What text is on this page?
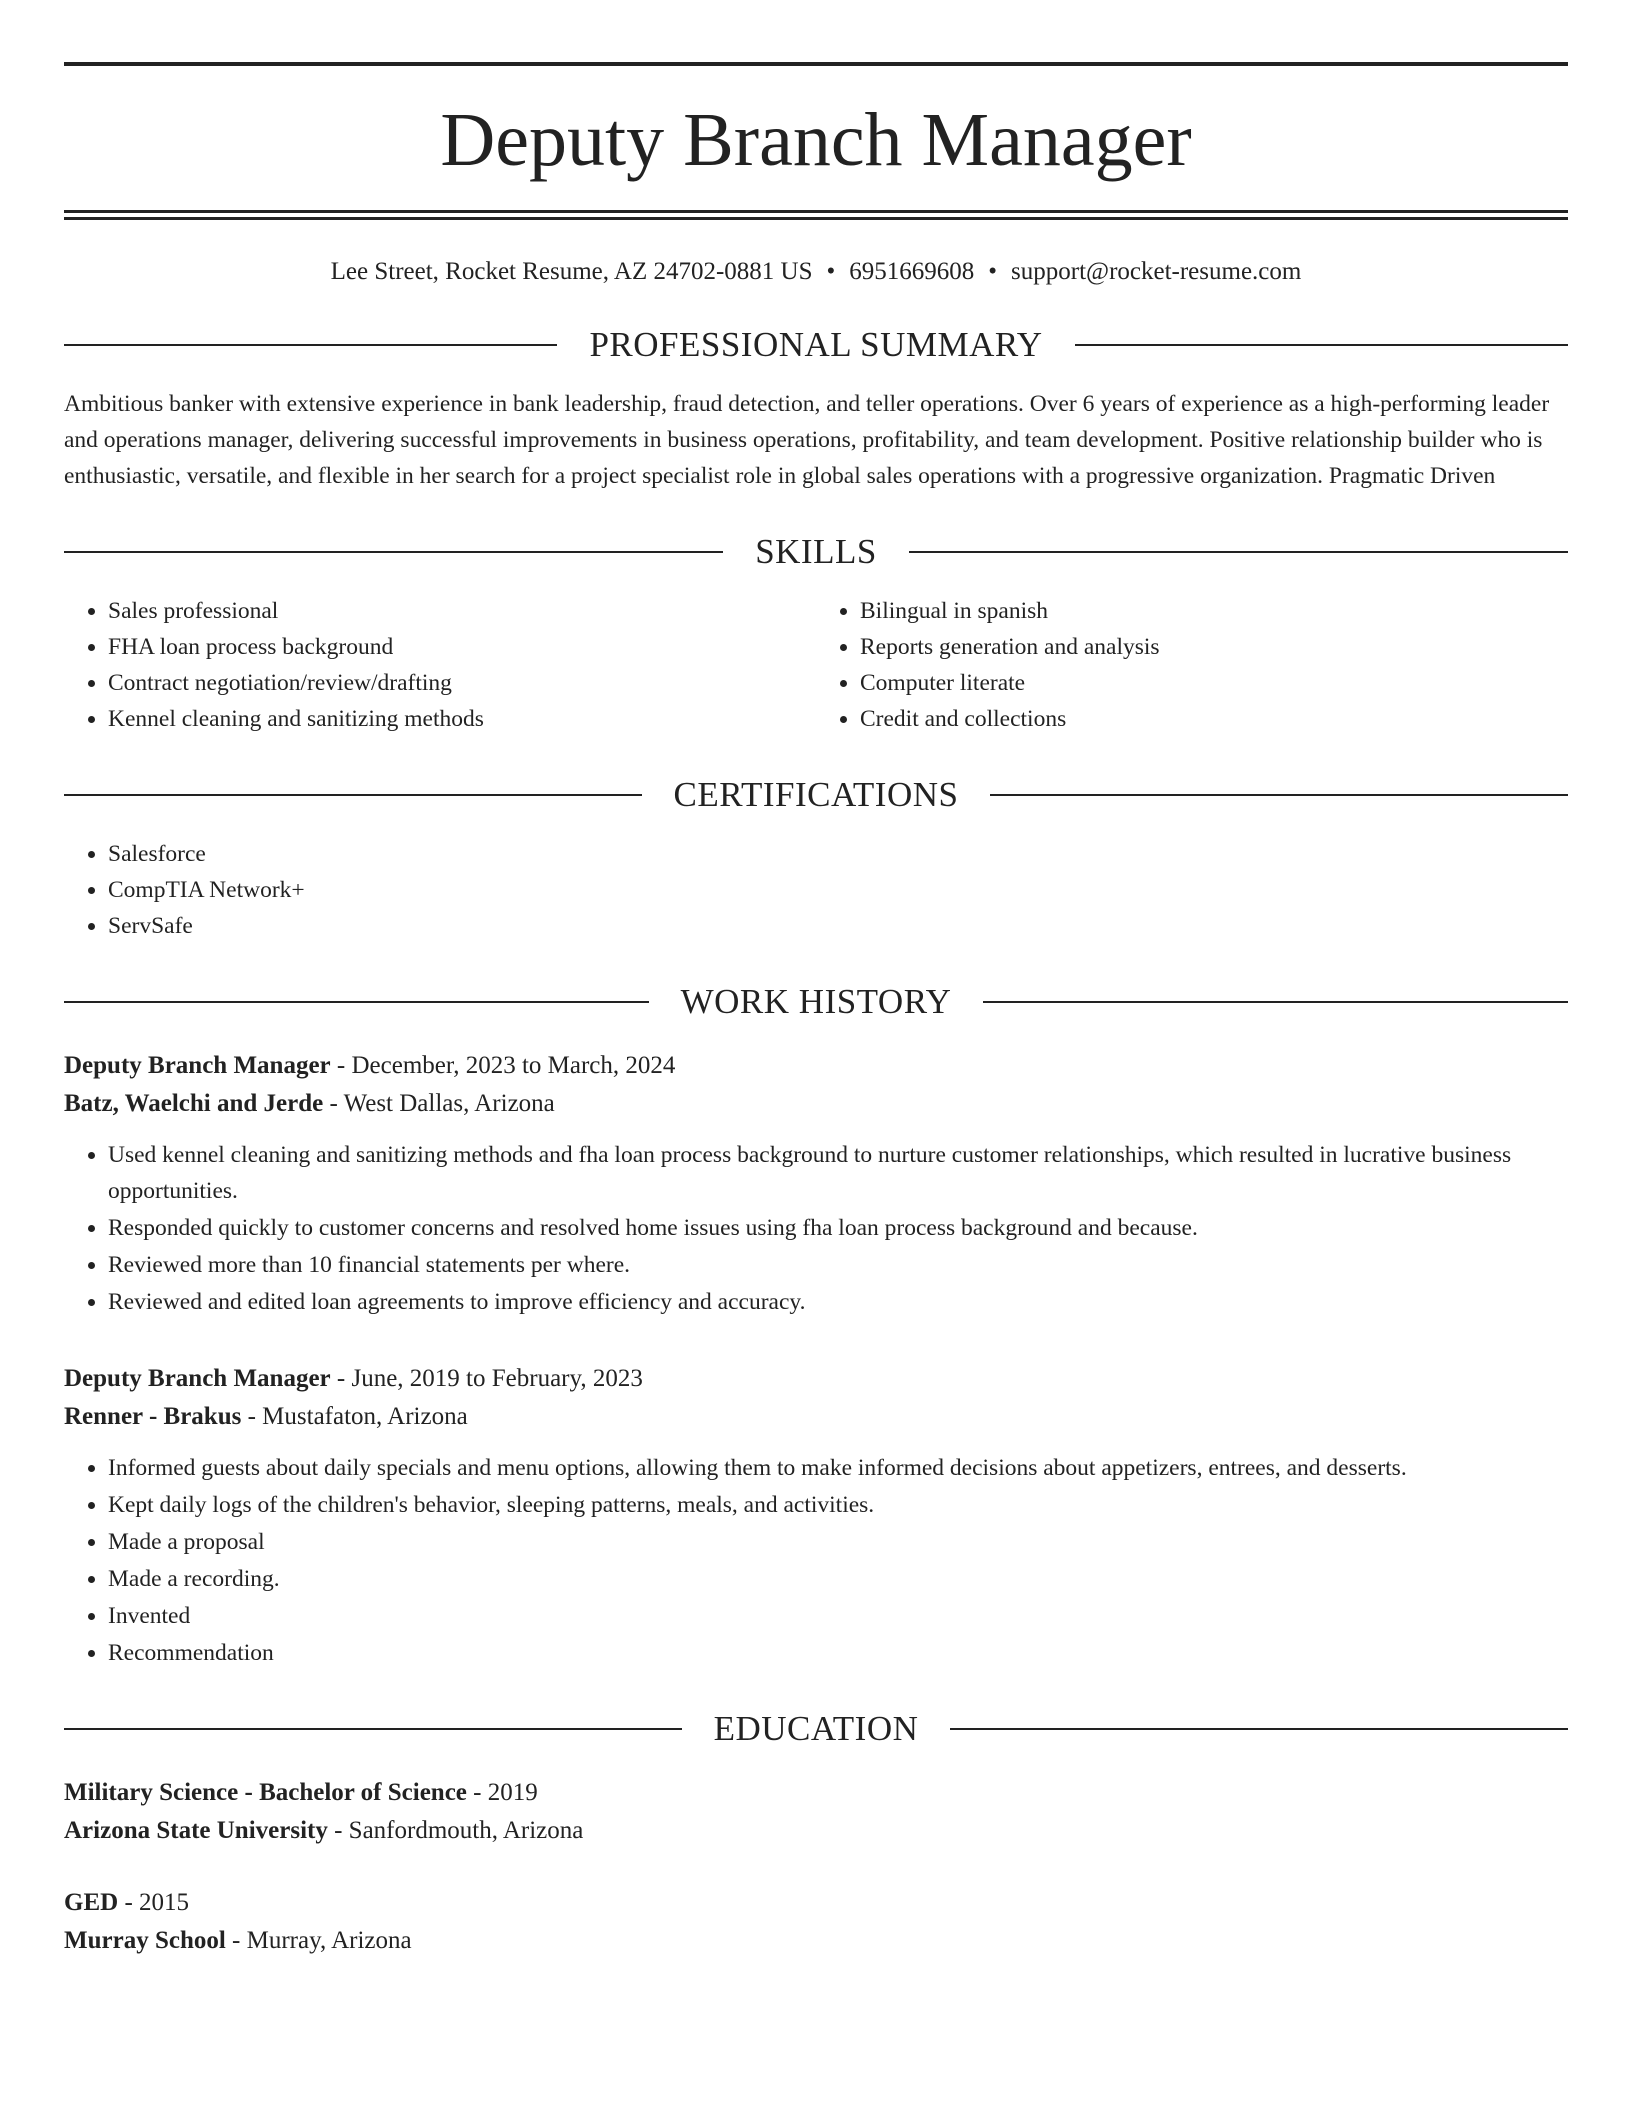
Deputy Branch Manager
Lee Street, Rocket Resume, AZ 24702-0881 US • 6951669608 • support@rocket-resume.com
PROFESSIONAL SUMMARY
Ambitious banker with extensive experience in bank leadership, fraud detection, and teller operations. Over 6 years of experience as a high-performing leader and operations manager, delivering successful improvements in business operations, profitability, and team development. Positive relationship builder who is enthusiastic, versatile, and flexible in her search for a project specialist role in global sales operations with a progressive organization. Pragmatic Driven
SKILLS
• Sales professional
• FHA loan process background
• Contract negotiation/review/drafting
• Kennel cleaning and sanitizing methods
• Bilingual in spanish
• Reports generation and analysis
• Computer literate
• Credit and collections
CERTIFICATIONS
• Salesforce
• CompTIA Network+
• ServSafe
WORK HISTORY
Deputy Branch Manager - December, 2023 to March, 2024
Batz, Waelchi and Jerde - West Dallas, Arizona
• Used kennel cleaning and sanitizing methods and fha loan process background to nurture customer relationships, which resulted in lucrative business opportunities.
• Responded quickly to customer concerns and resolved home issues using fha loan process background and because.
• Reviewed more than 10 financial statements per where.
• Reviewed and edited loan agreements to improve efficiency and accuracy.
Deputy Branch Manager - June, 2019 to February, 2023
Renner - Brakus - Mustafaton, Arizona
• Informed guests about daily specials and menu options, allowing them to make informed decisions about appetizers, entrees, and desserts.
• Kept daily logs of the children's behavior, sleeping patterns, meals, and activities.
• Made a proposal
• Made a recording.
• Invented
• Recommendation
EDUCATION
Military Science - Bachelor of Science - 2019
Arizona State University - Sanfordmouth, Arizona
GED - 2015
Murray School - Murray, Arizona
